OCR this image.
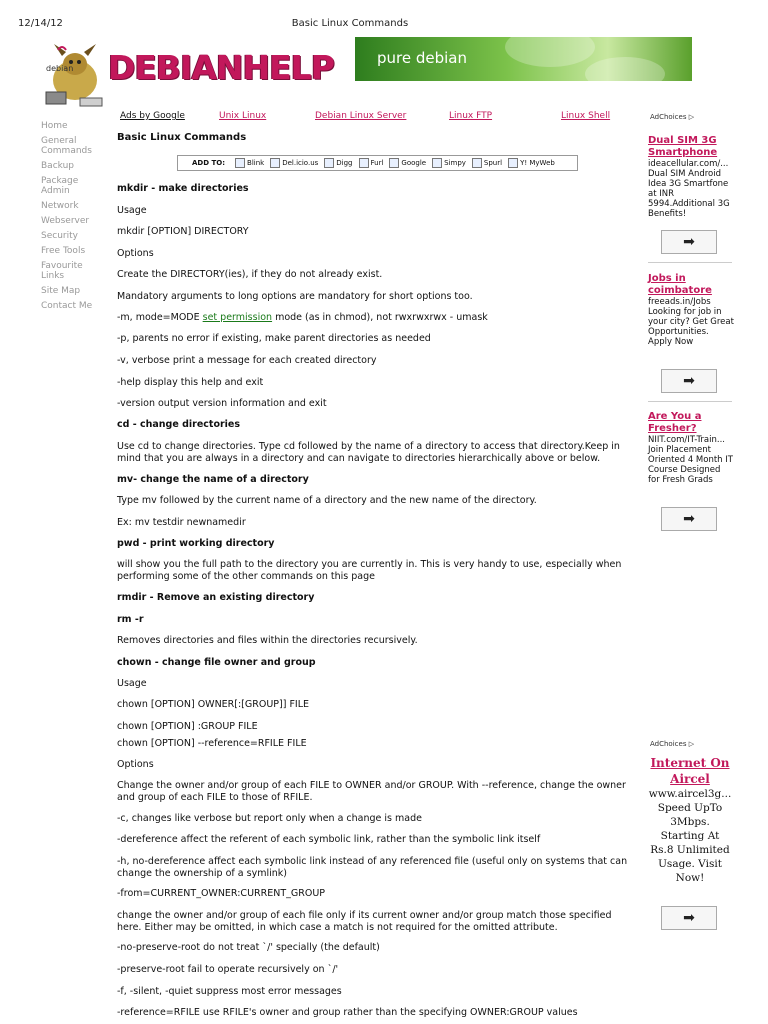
12/14/12	Basic Linux Commands
debian DEBIANHELP	pure debian
Ads by Google	Unix Linux	Debian Linux Server	Linux FTP	Linux Shell
Home
General Commands
Backup
Package Admin
Network
Webserver
Security
Free Tools
Favourite Links
Site Map
Contact Me
Basic Linux Commands
ADD TO:	Blink	Del.icio.us	Digg	Furl	Google	Simpy	Spurl	Y! MyWeb
mkdir - make directories
Usage
mkdir [OPTION] DIRECTORY
Options
Create the DIRECTORY(ies), if they do not already exist.
Mandatory arguments to long options are mandatory for short options too.
-m, mode=MODE set permission mode (as in chmod), not rwxrwxrwx - umask
-p, parents no error if existing, make parent directories as needed
-v, verbose print a message for each created directory
-help display this help and exit
-version output version information and exit
cd - change directories
Use cd to change directories. Type cd followed by the name of a directory to access that directory.Keep in mind that you are always in a directory and can navigate to directories hierarchically above or below.
mv- change the name of a directory
Type mv followed by the current name of a directory and the new name of the directory.
Ex: mv testdir newnamedir
pwd - print working directory
will show you the full path to the directory you are currently in. This is very handy to use, especially when performing some of the other commands on this page
rmdir - Remove an existing directory
rm -r
Removes directories and files within the directories recursively.
chown - change file owner and group
Usage
chown [OPTION] OWNER[:[GROUP]] FILE
chown [OPTION] :GROUP FILE
chown [OPTION] --reference=RFILE FILE
Options
Change the owner and/or group of each FILE to OWNER and/or GROUP. With --reference, change the owner and group of each FILE to those of RFILE.
-c, changes like verbose but report only when a change is made
-dereference affect the referent of each symbolic link, rather than the symbolic link itself
-h, no-dereference affect each symbolic link instead of any referenced file (useful only on systems that can change the ownership of a symlink)
-from=CURRENT_OWNER:CURRENT_GROUP
change the owner and/or group of each file only if its current owner and/or group match those specified here. Either may be omitted, in which case a match is not required for the omitted attribute.
-no-preserve-root do not treat `/' specially (the default)
-preserve-root fail to operate recursively on `/'
-f, -silent, -quiet suppress most error messages
-reference=RFILE use RFILE's owner and group rather than the specifying OWNER:GROUP values
AdChoices ▷
Dual SIM 3G Smartphone
ideacellular.com/...
Dual SIM Android Idea 3G Smartfone at INR 5994.Additional 3G Benefits!
➡
Jobs in coimbatore
freeads.in/Jobs
Looking for job in your city? Get Great Opportunities. Apply Now
➡
Are You a Fresher?
NIIT.com/IT-Train...
Join Placement Oriented 4 Month IT Course Designed for Fresh Grads
➡
AdChoices ▷
Internet On Aircel
www.aircel3g...
Speed UpTo 3Mbps. Starting At Rs.8 Unlimited Usage. Visit Now!
➡
